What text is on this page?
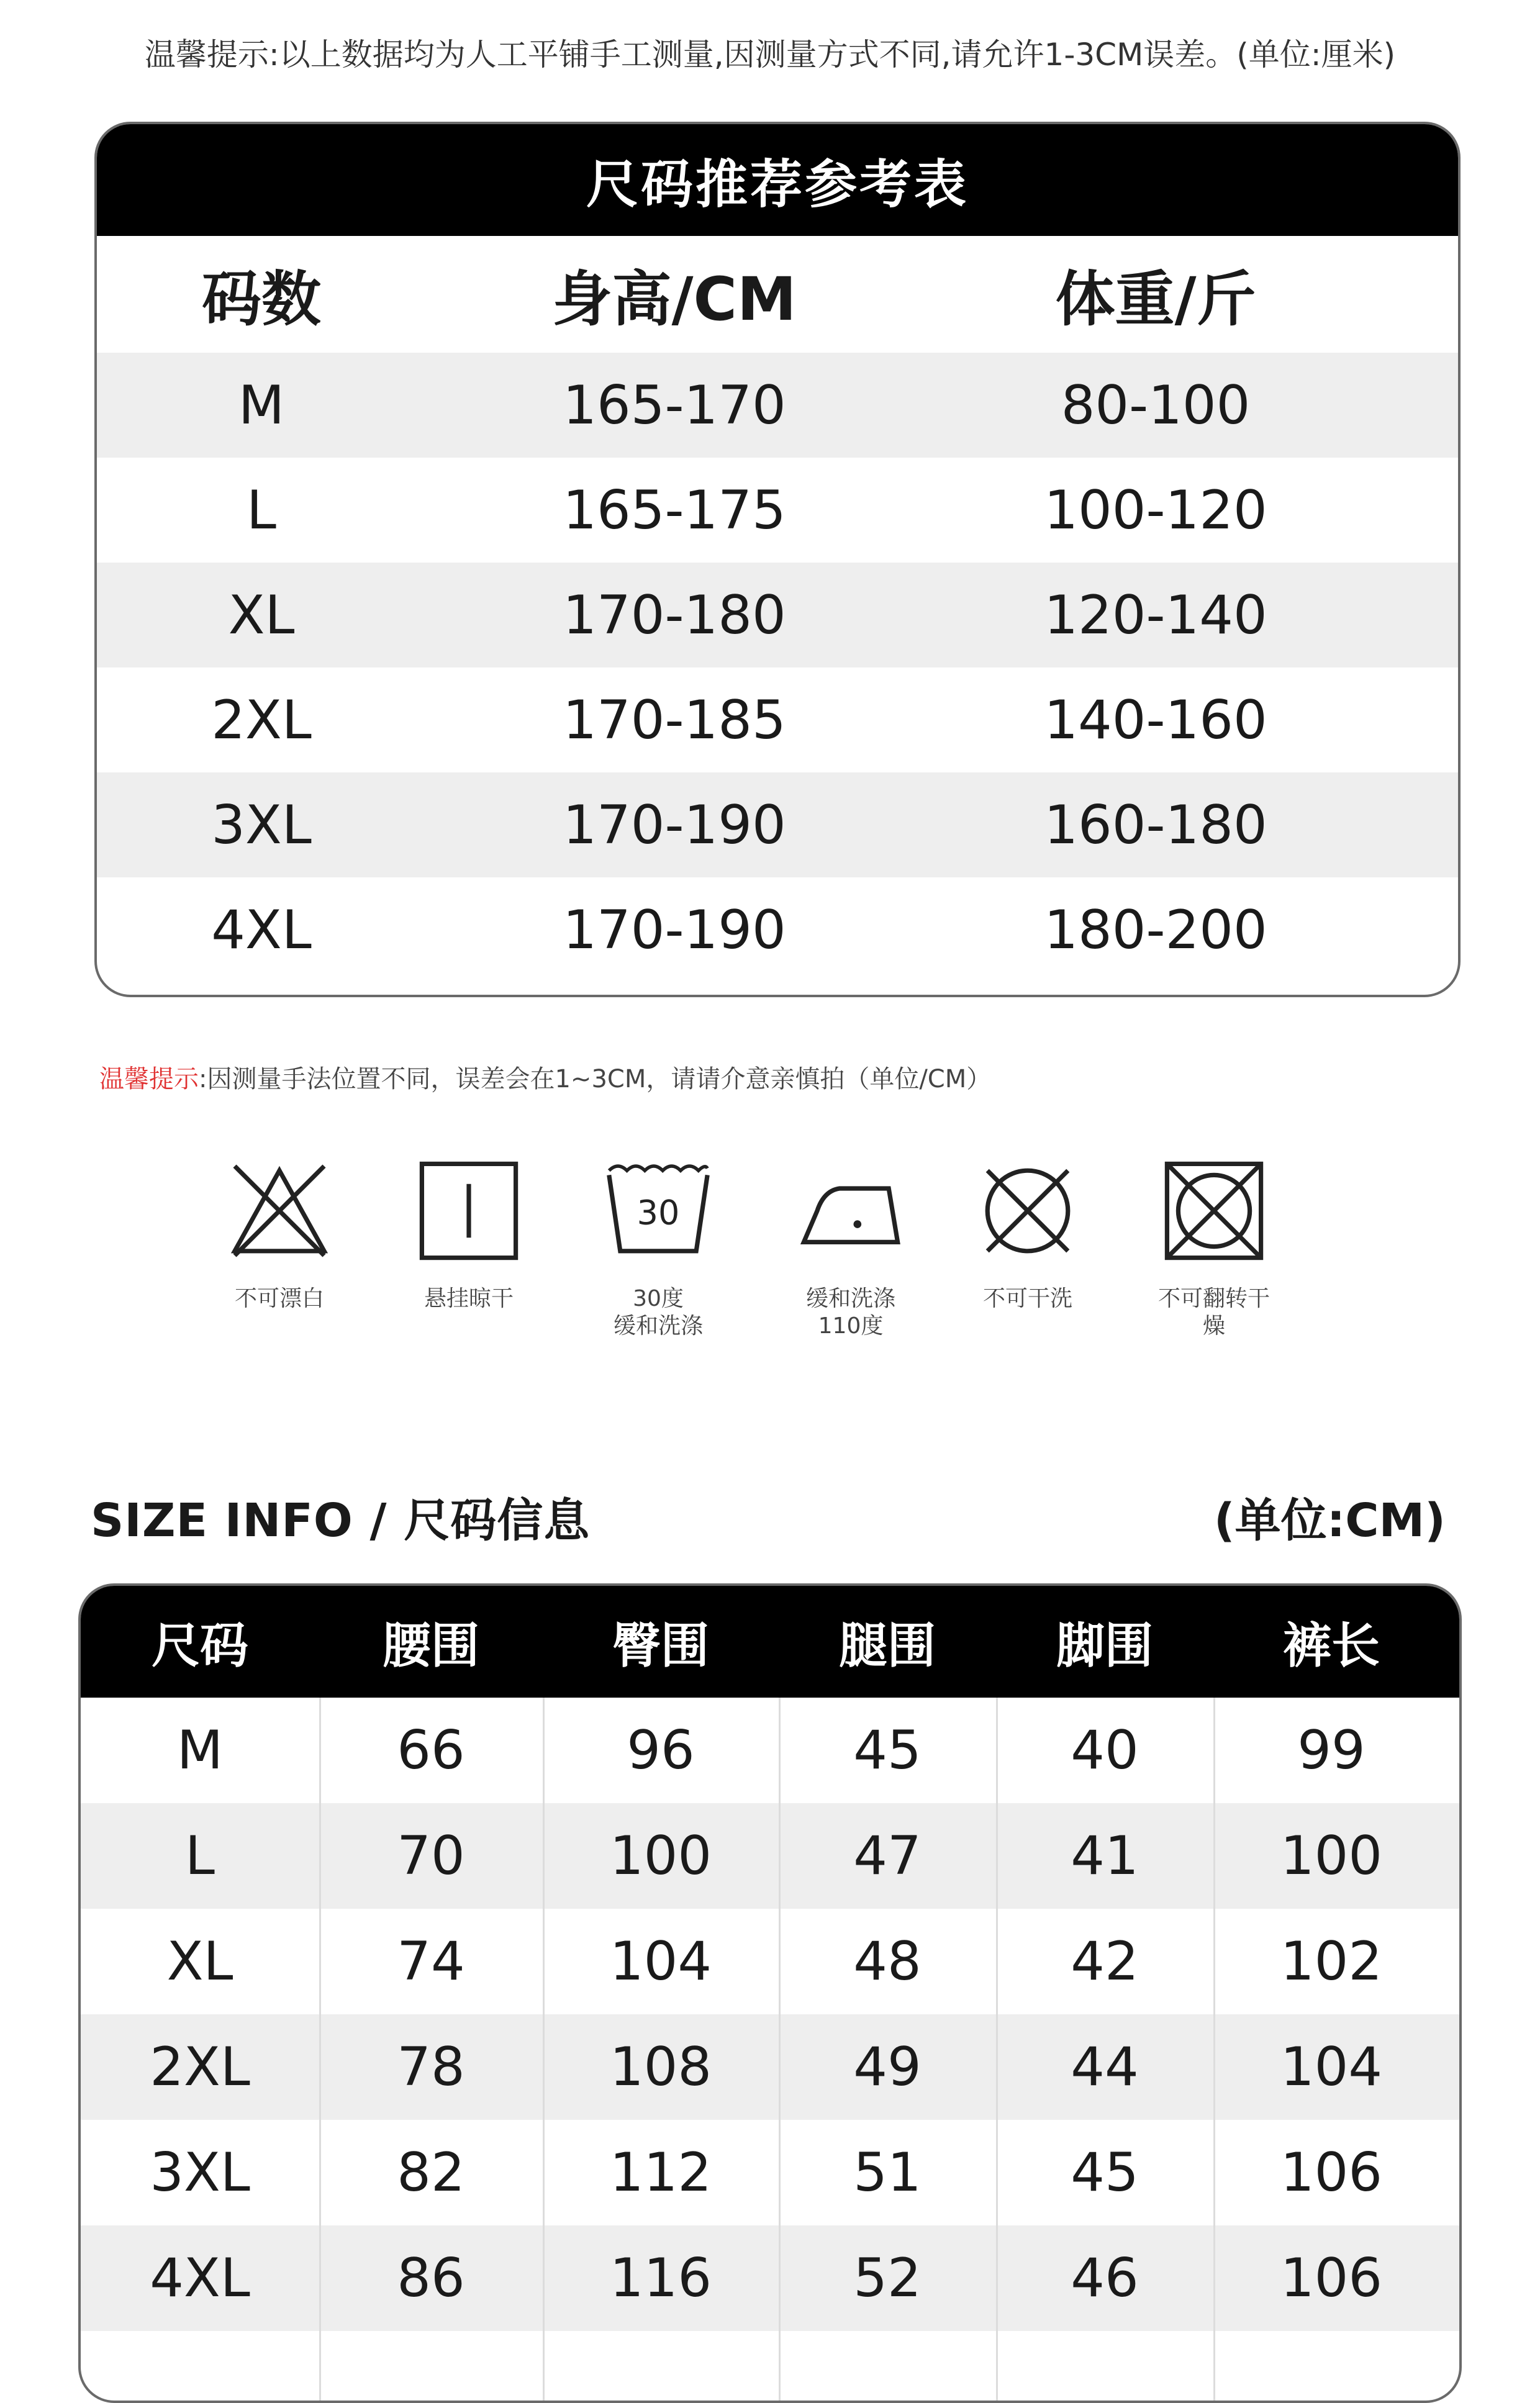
温馨提示:以上数据均为人工平铺手工测量,因测量方式不同,请允许1-3CM误差。(单位:厘米)
尺码推荐参考表
码数	身高/CM	体重/斤
M	165-170	80-100
L	165-175	100-120
XL	170-180	120-140
2XL	170-185	140-160
3XL	170-190	160-180
4XL	170-190	180-200
温馨提示:因测量手法位置不同，误差会在1~3CM，请请介意亲慎拍（单位/CM）
不可漂白	悬挂晾干
30
30度
缓和洗涤
缓和洗涤
110度
不可干洗	不可翻转干
燥
SIZE INFO / 尺码信息	(单位:CM)
尺码	腰围	臀围	腿围	脚围	裤长
M	66	96	45	40	99
L	70	100	47	41	100
XL	74	104	48	42	102
2XL	78	108	49	44	104
3XL	82	112	51	45	106
4XL	86	116	52	46	106
